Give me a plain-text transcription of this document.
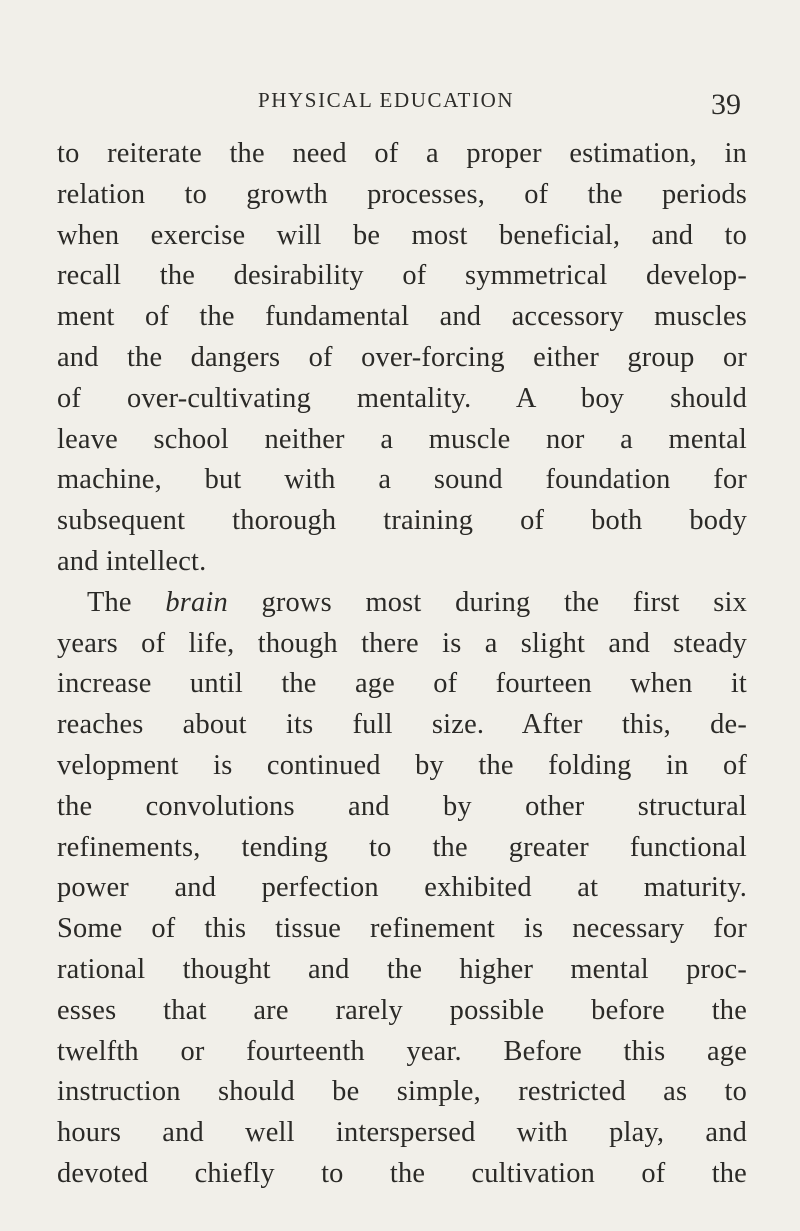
PHYSICAL EDUCATION	39
to reiterate the need of a proper estimation, in
relation to growth processes, of the periods
when exercise will be most beneficial, and to
recall the desirability of symmetrical develop-
ment of the fundamental and accessory muscles
and the dangers of over-forcing either group or
of over-cultivating mentality. A boy should
leave school neither a muscle nor a mental
machine, but with a sound foundation for
subsequent thorough training of both body
and intellect.
The brain grows most during the first six
years of life, though there is a slight and steady
increase until the age of fourteen when it
reaches about its full size. After this, de-
velopment is continued by the folding in of
the convolutions and by other structural
refinements, tending to the greater functional
power and perfection exhibited at maturity.
Some of this tissue refinement is necessary for
rational thought and the higher mental proc-
esses that are rarely possible before the
twelfth or fourteenth year. Before this age
instruction should be simple, restricted as to
hours and well interspersed with play, and
devoted chiefly to the cultivation of the
